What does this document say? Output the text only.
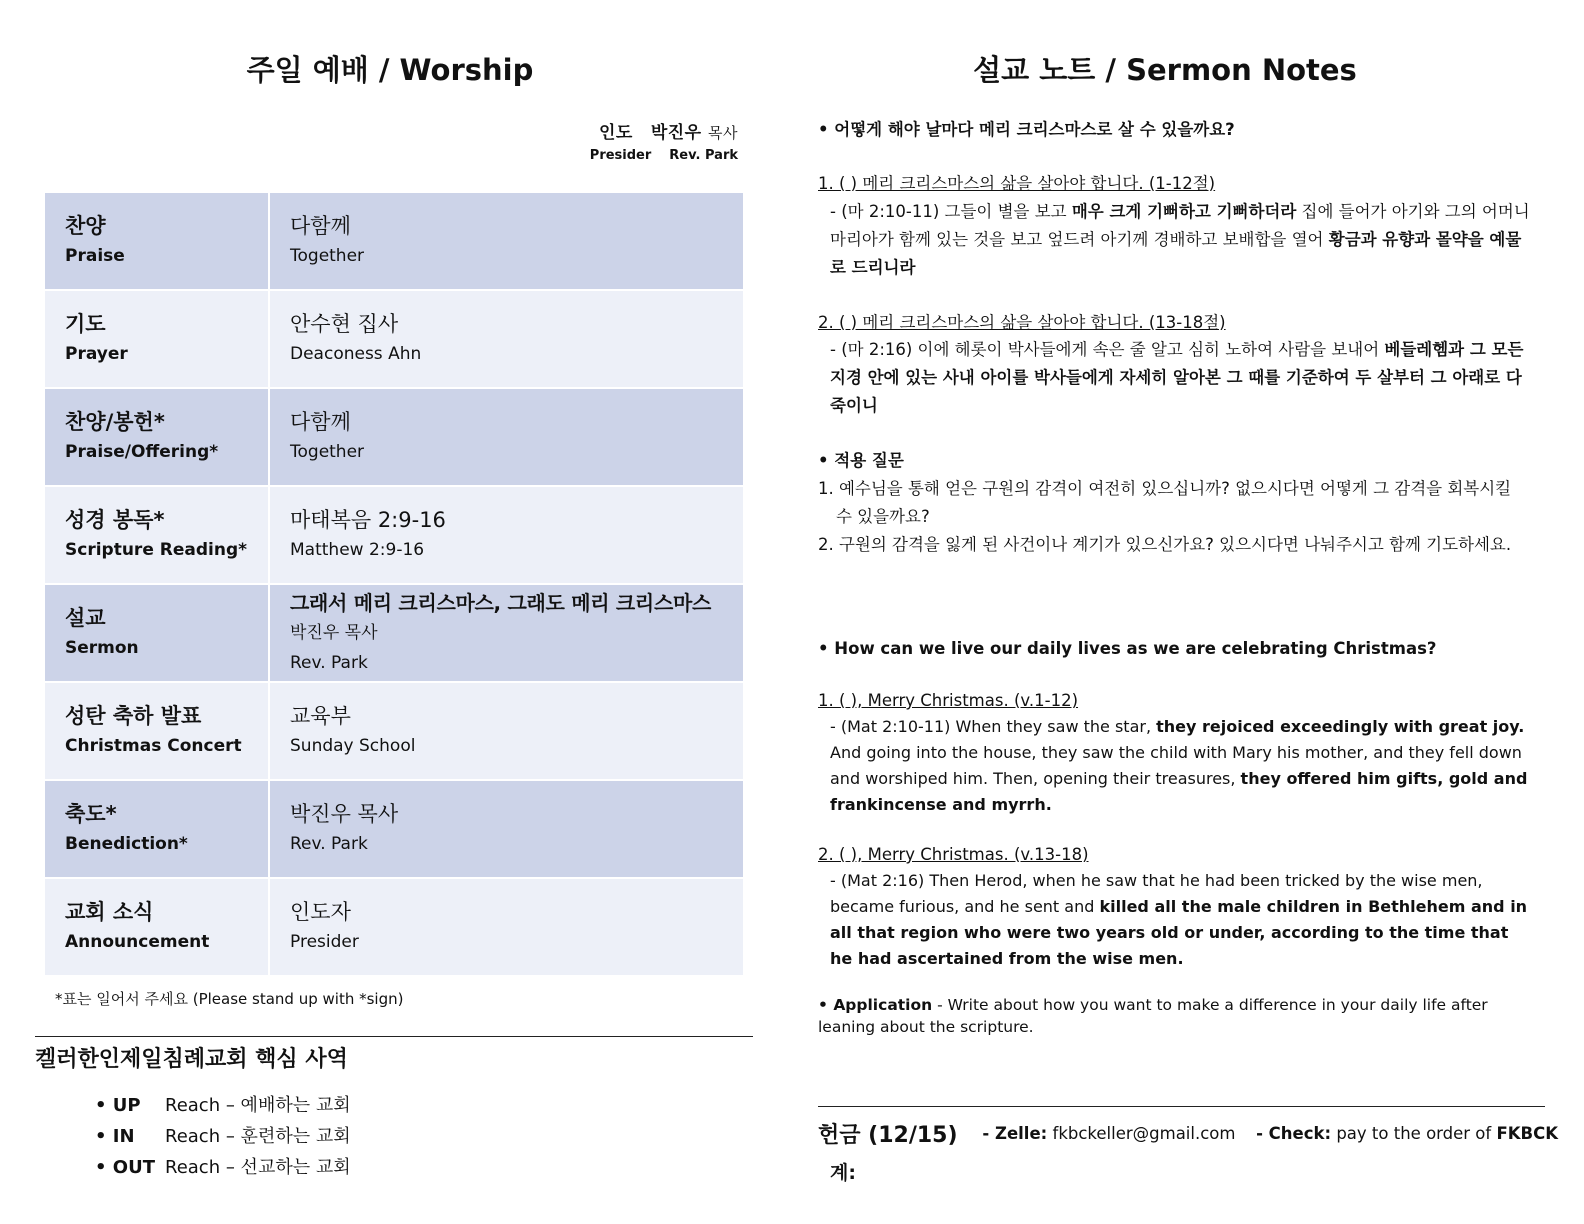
주일 예배 / Worship
인도 박진우 목사
Presider Rev. Park
찬양
Praise
다함께
Together
기도
Prayer
안수현 집사
Deaconess Ahn
찬양/봉헌*
Praise/Offering*
다함께
Together
성경 봉독*
Scripture Reading*
마태복음 2:9-16
Matthew 2:9-16
설교
Sermon
그래서 메리 크리스마스, 그래도 메리 크리스마스
박진우 목사
Rev. Park
성탄 축하 발표
Christmas Concert
교육부
Sunday School
축도*
Benediction*
박진우 목사
Rev. Park
교회 소식
Announcement
인도자
Presider
*표는 일어서 주세요 (Please stand up with *sign)
켈러한인제일침례교회 핵심 사역
• UP Reach – 예배하는 교회
• IN Reach – 훈련하는 교회
• OUT Reach – 선교하는 교회
설교 노트 / Sermon Notes
• 어떻게 해야 날마다 메리 크리스마스로 살 수 있을까요?
1. ( ) 메리 크리스마스의 삶을 살아야 합니다. (1-12절)
- (마 2:10-11) 그들이 별을 보고 매우 크게 기뻐하고 기뻐하더라 집에 들어가 아기와 그의 어머니 마리아가 함께 있는 것을 보고 엎드려 아기께 경배하고 보배합을 열어 황금과 유향과 몰약을 예물로 드리니라
2. ( ) 메리 크리스마스의 삶을 살아야 합니다. (13-18절)
- (마 2:16) 이에 헤롯이 박사들에게 속은 줄 알고 심히 노하여 사람을 보내어 베들레헴과 그 모든 지경 안에 있는 사내 아이를 박사들에게 자세히 알아본 그 때를 기준하여 두 살부터 그 아래로 다 죽이니
• 적용 질문
1. 예수님을 통해 얻은 구원의 감격이 여전히 있으십니까? 없으시다면 어떻게 그 감격을 회복시킬
수 있을까요?
2. 구원의 감격을 잃게 된 사건이나 계기가 있으신가요? 있으시다면 나눠주시고 함께 기도하세요.
• How can we live our daily lives as we are celebrating Christmas?
1. ( ), Merry Christmas. (v.1-12)
- (Mat 2:10-11) When they saw the star, they rejoiced exceedingly with great joy. And going into the house, they saw the child with Mary his mother, and they fell down and worshiped him. Then, opening their treasures, they offered him gifts, gold and frankincense and myrrh.
2. ( ), Merry Christmas. (v.13-18)
- (Mat 2:16) Then Herod, when he saw that he had been tricked by the wise men, became furious, and he sent and killed all the male children in Bethlehem and in all that region who were two years old or under, according to the time that he had ascertained from the wise men.
• Application - Write about how you want to make a difference in your daily life after leaning about the scripture.
헌금 (12/15)	- Zelle: fkbckeller@gmail.com	- Check: pay to the order of FKBCK
계:
